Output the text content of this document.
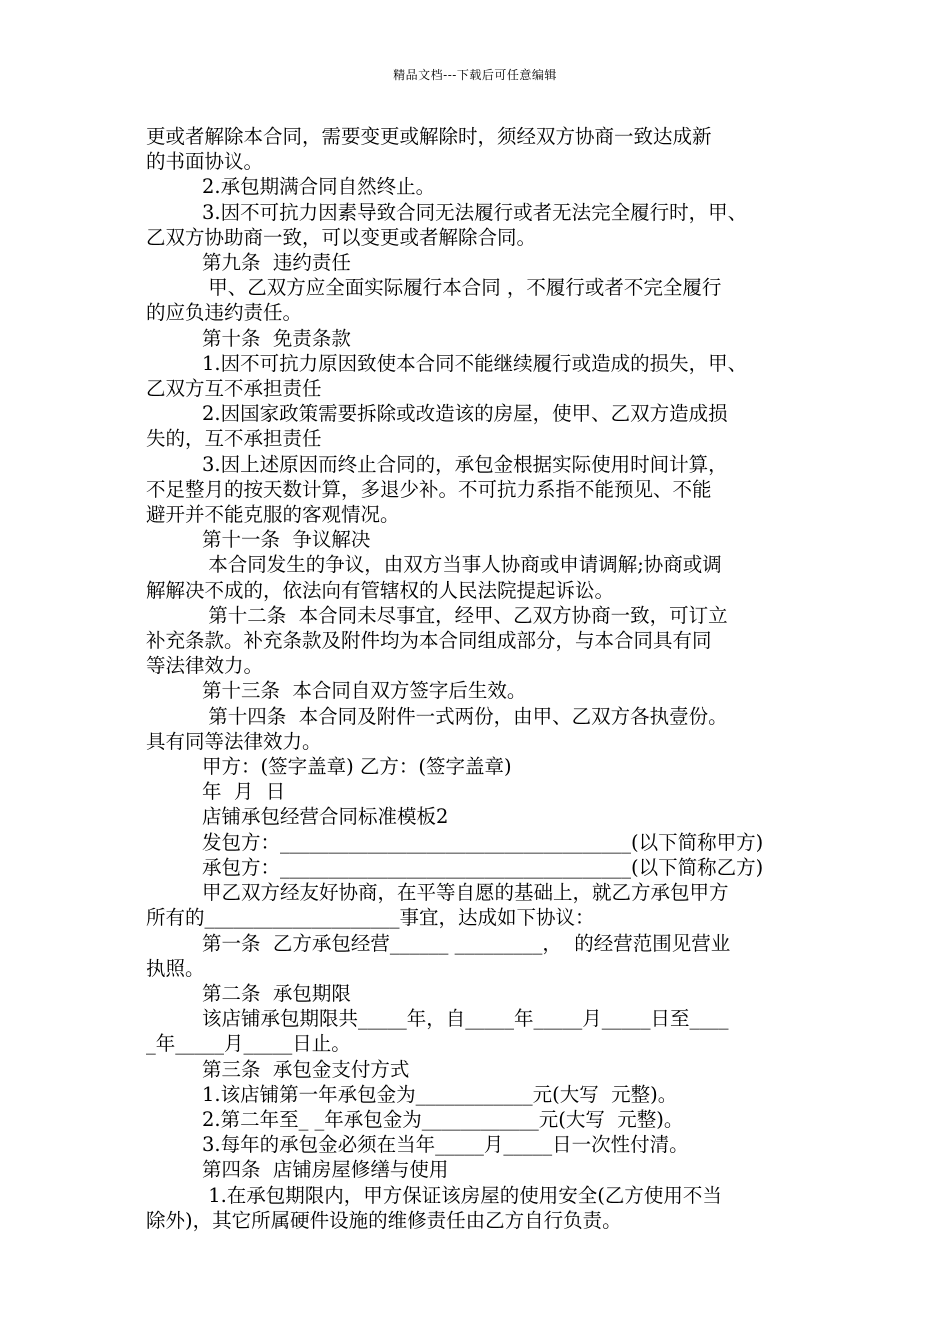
精品文档---下载后可任意编辑

更或者解除本合同，需要变更或解除时，须经双方协商一致达成新

的书面协议。

2.承包期满合同自然终止。

3.因不可抗力因素导致合同无法履行或者无法完全履行时，甲、

乙双方协助商一致，可以变更或者解除合同。

第九条  违约责任

甲、乙双方应全面实际履行本合同 ，不履行或者不完全履行

的应负违约责任。

第十条  免责条款

1.因不可抗力原因致使本合同不能继续履行或造成的损失，甲、

乙双方互不承担责任

2.因国家政策需要拆除或改造该的房屋，使甲、乙双方造成损

失的，互不承担责任

3.因上述原因而终止合同的，承包金根据实际使用时间计算，

不足整月的按天数计算，多退少补。不可抗力系指不能预见、不能

避开并不能克服的客观情况。

第十一条  争议解决

本合同发生的争议，由双方当事人协商或申请调解;协商或调

解解决不成的，依法向有管辖权的人民法院提起诉讼。

第十二条  本合同未尽事宜，经甲、乙双方协商一致，可订立

补充条款。补充条款及附件均为本合同组成部分，与本合同具有同

等法律效力。

第十三条  本合同自双方签字后生效。

第十四条  本合同及附件一式两份，由甲、乙双方各执壹份。

具有同等法律效力。

甲方：(签字盖章) 乙方：(签字盖章)

年  月  日

店铺承包经营合同标准模板2

发包方：____________________________________(以下简称甲方)

承包方：____________________________________(以下简称乙方)

甲乙双方经友好协商，在平等自愿的基础上，就乙方承包甲方

所有的____________________事宜，达成如下协议：

第一条  乙方承包经营______ _________，  的经营范围见营业

执照。

第二条  承包期限

该店铺承包期限共_____年，自_____年_____月_____日至____

_年_____月_____日止。

第三条  承包金支付方式

1.该店铺第一年承包金为____________元(大写  元整)。

2.第二年至_ _年承包金为____________元(大写  元整)。

3.每年的承包金必须在当年_____月_____日一次性付清。

第四条  店铺房屋修缮与使用

1.在承包期限内，甲方保证该房屋的使用安全(乙方使用不当

除外)，其它所属硬件设施的维修责任由乙方自行负责。
